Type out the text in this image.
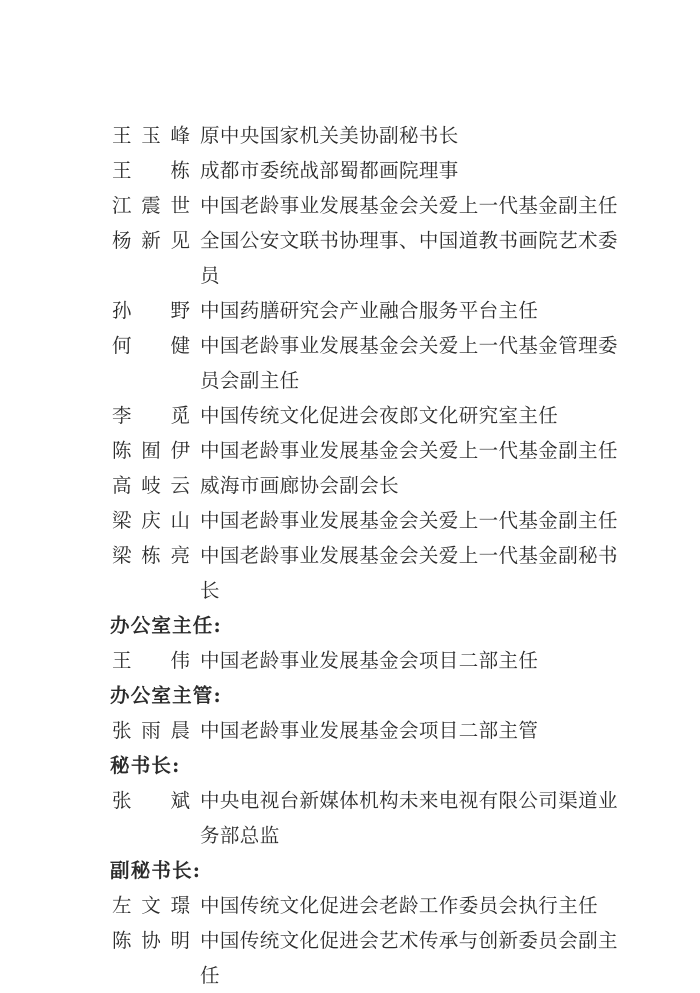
王玉峰 原中央国家机关美协副秘书长
王　栋 成都市委统战部蜀都画院理事
江震世 中国老龄事业发展基金会关爱上一代基金副主任
杨新见 全国公安文联书协理事、中国道教书画院艺术委员
孙　野 中国药膳研究会产业融合服务平台主任
何　健 中国老龄事业发展基金会关爱上一代基金管理委
员会副主任
李　觅 中国传统文化促进会夜郎文化研究室主任
陈囿伊 中国老龄事业发展基金会关爱上一代基金副主任
高岐云 威海市画廊协会副会长
梁庆山 中国老龄事业发展基金会关爱上一代基金副主任
梁栋亮 中国老龄事业发展基金会关爱上一代基金副秘书长
办公室主任:
王　伟 中国老龄事业发展基金会项目二部主任
办公室主管:
张雨晨 中国老龄事业发展基金会项目二部主管
秘书长:
张　斌 中央电视台新媒体机构未来电视有限公司渠道业
务部总监
副秘书长:
左文璟 中国传统文化促进会老龄工作委员会执行主任
陈协明 中国传统文化促进会艺术传承与创新委员会副主任
